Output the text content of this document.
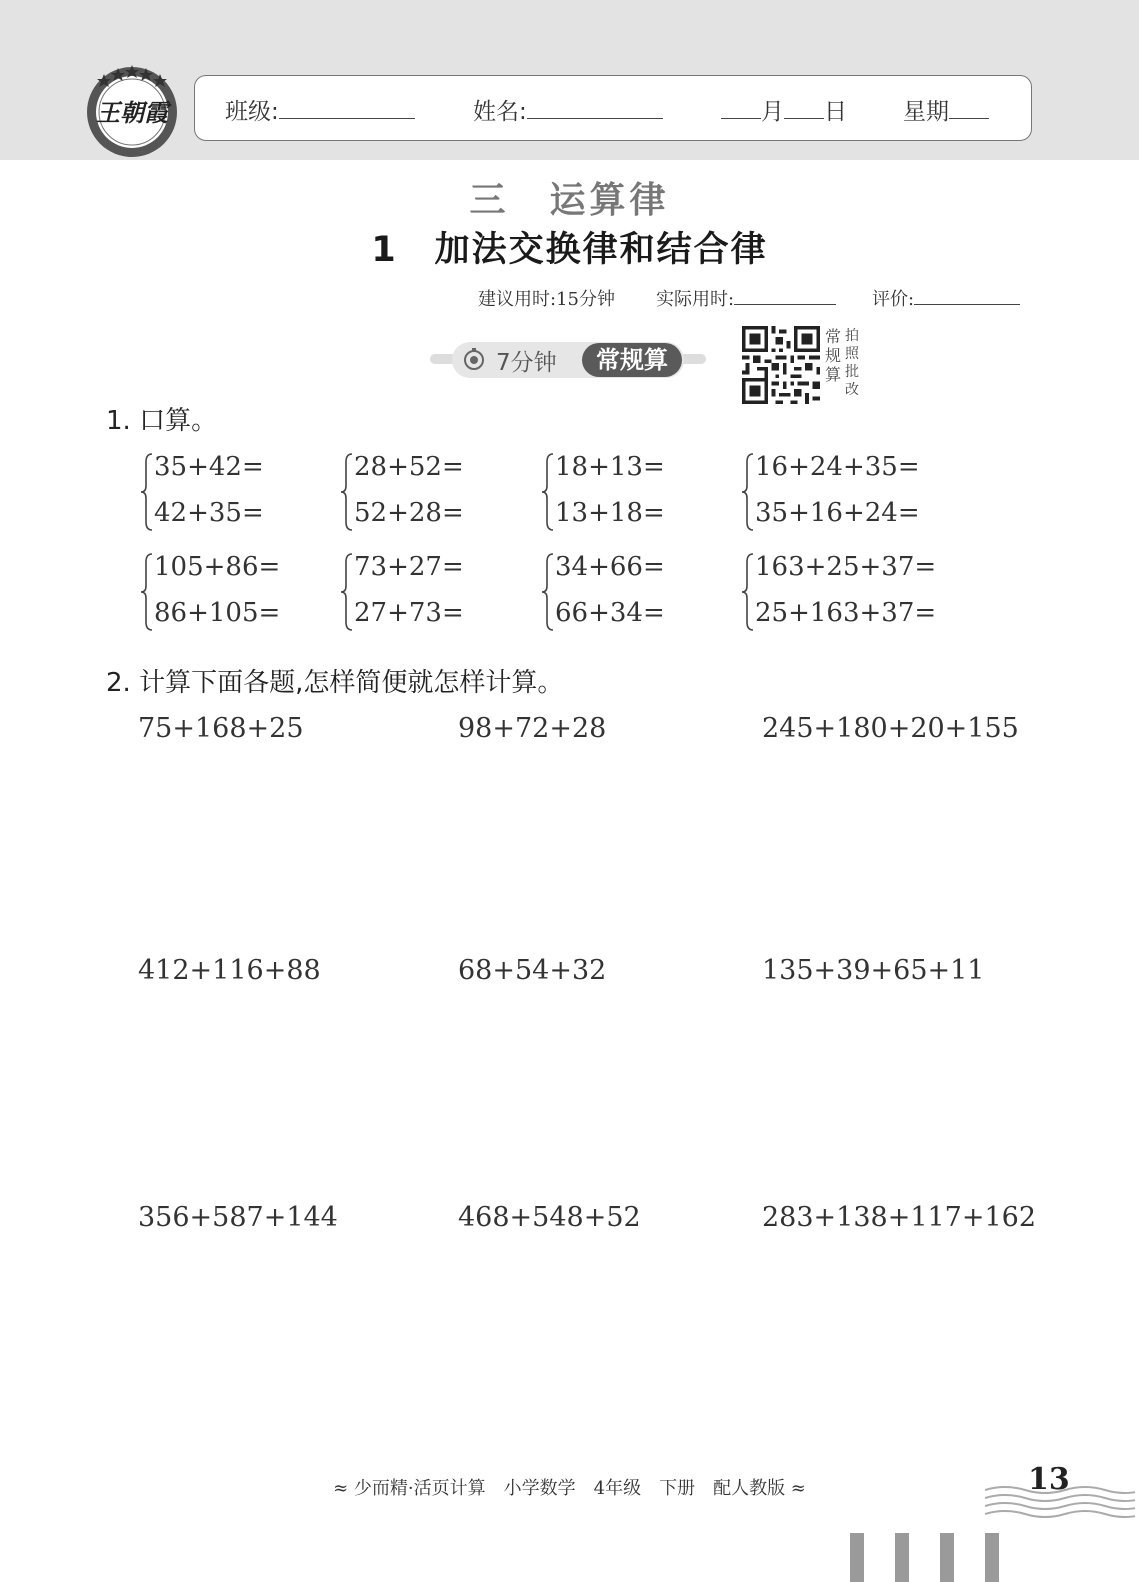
王朝霞 班级:	姓名:	月 日 星期
三　运算律
1　加法交换律和结合律
建议用时:15分钟 实际用时:	评价:
7分钟	常规算
常规算
拍照批改
1. 口算。
35+42=
42+35=
28+52=
52+28=
18+13=
13+18=
16+24+35=
35+16+24=
105+86=
86+105=
73+27=
27+73=
34+66=
66+34=
163+25+37=
25+163+37=
2. 计算下面各题,怎样简便就怎样计算。
75+168+25	98+72+28	245+180+20+155
412+116+88	68+54+32	135+39+65+11
356+587+144	468+548+52	283+138+117+162
≈ 少而精·活页计算　小学数学　4年级　下册　配人教版 ≈	13
